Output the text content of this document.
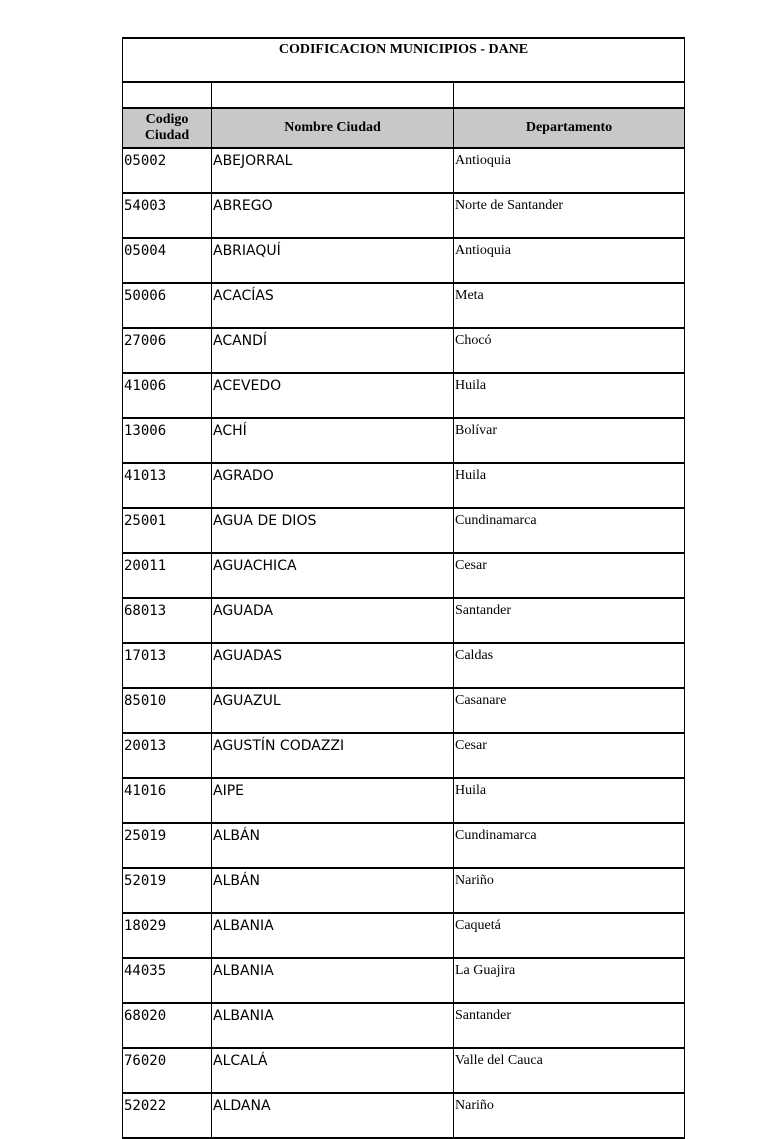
CODIFICACION MUNICIPIOS - DANE		

Codigo Ciudad	Nombre Ciudad	Departamento
05002	ABEJORRAL	Antioquia
54003	ABREGO	Norte de Santander
05004	ABRIAQUÍ	Antioquia
50006	ACACÍAS	Meta
27006	ACANDÍ	Chocó
41006	ACEVEDO	Huila
13006	ACHÍ	Bolívar
41013	AGRADO	Huila
25001	AGUA DE DIOS	Cundinamarca
20011	AGUACHICA	Cesar
68013	AGUADA	Santander
17013	AGUADAS	Caldas
85010	AGUAZUL	Casanare
20013	AGUSTÍN CODAZZI	Cesar
41016	AIPE	Huila
25019	ALBÁN	Cundinamarca
52019	ALBÁN	Nariño
18029	ALBANIA	Caquetá
44035	ALBANIA	La Guajira
68020	ALBANIA	Santander
76020	ALCALÁ	Valle del Cauca
52022	ALDANA	Nariño
